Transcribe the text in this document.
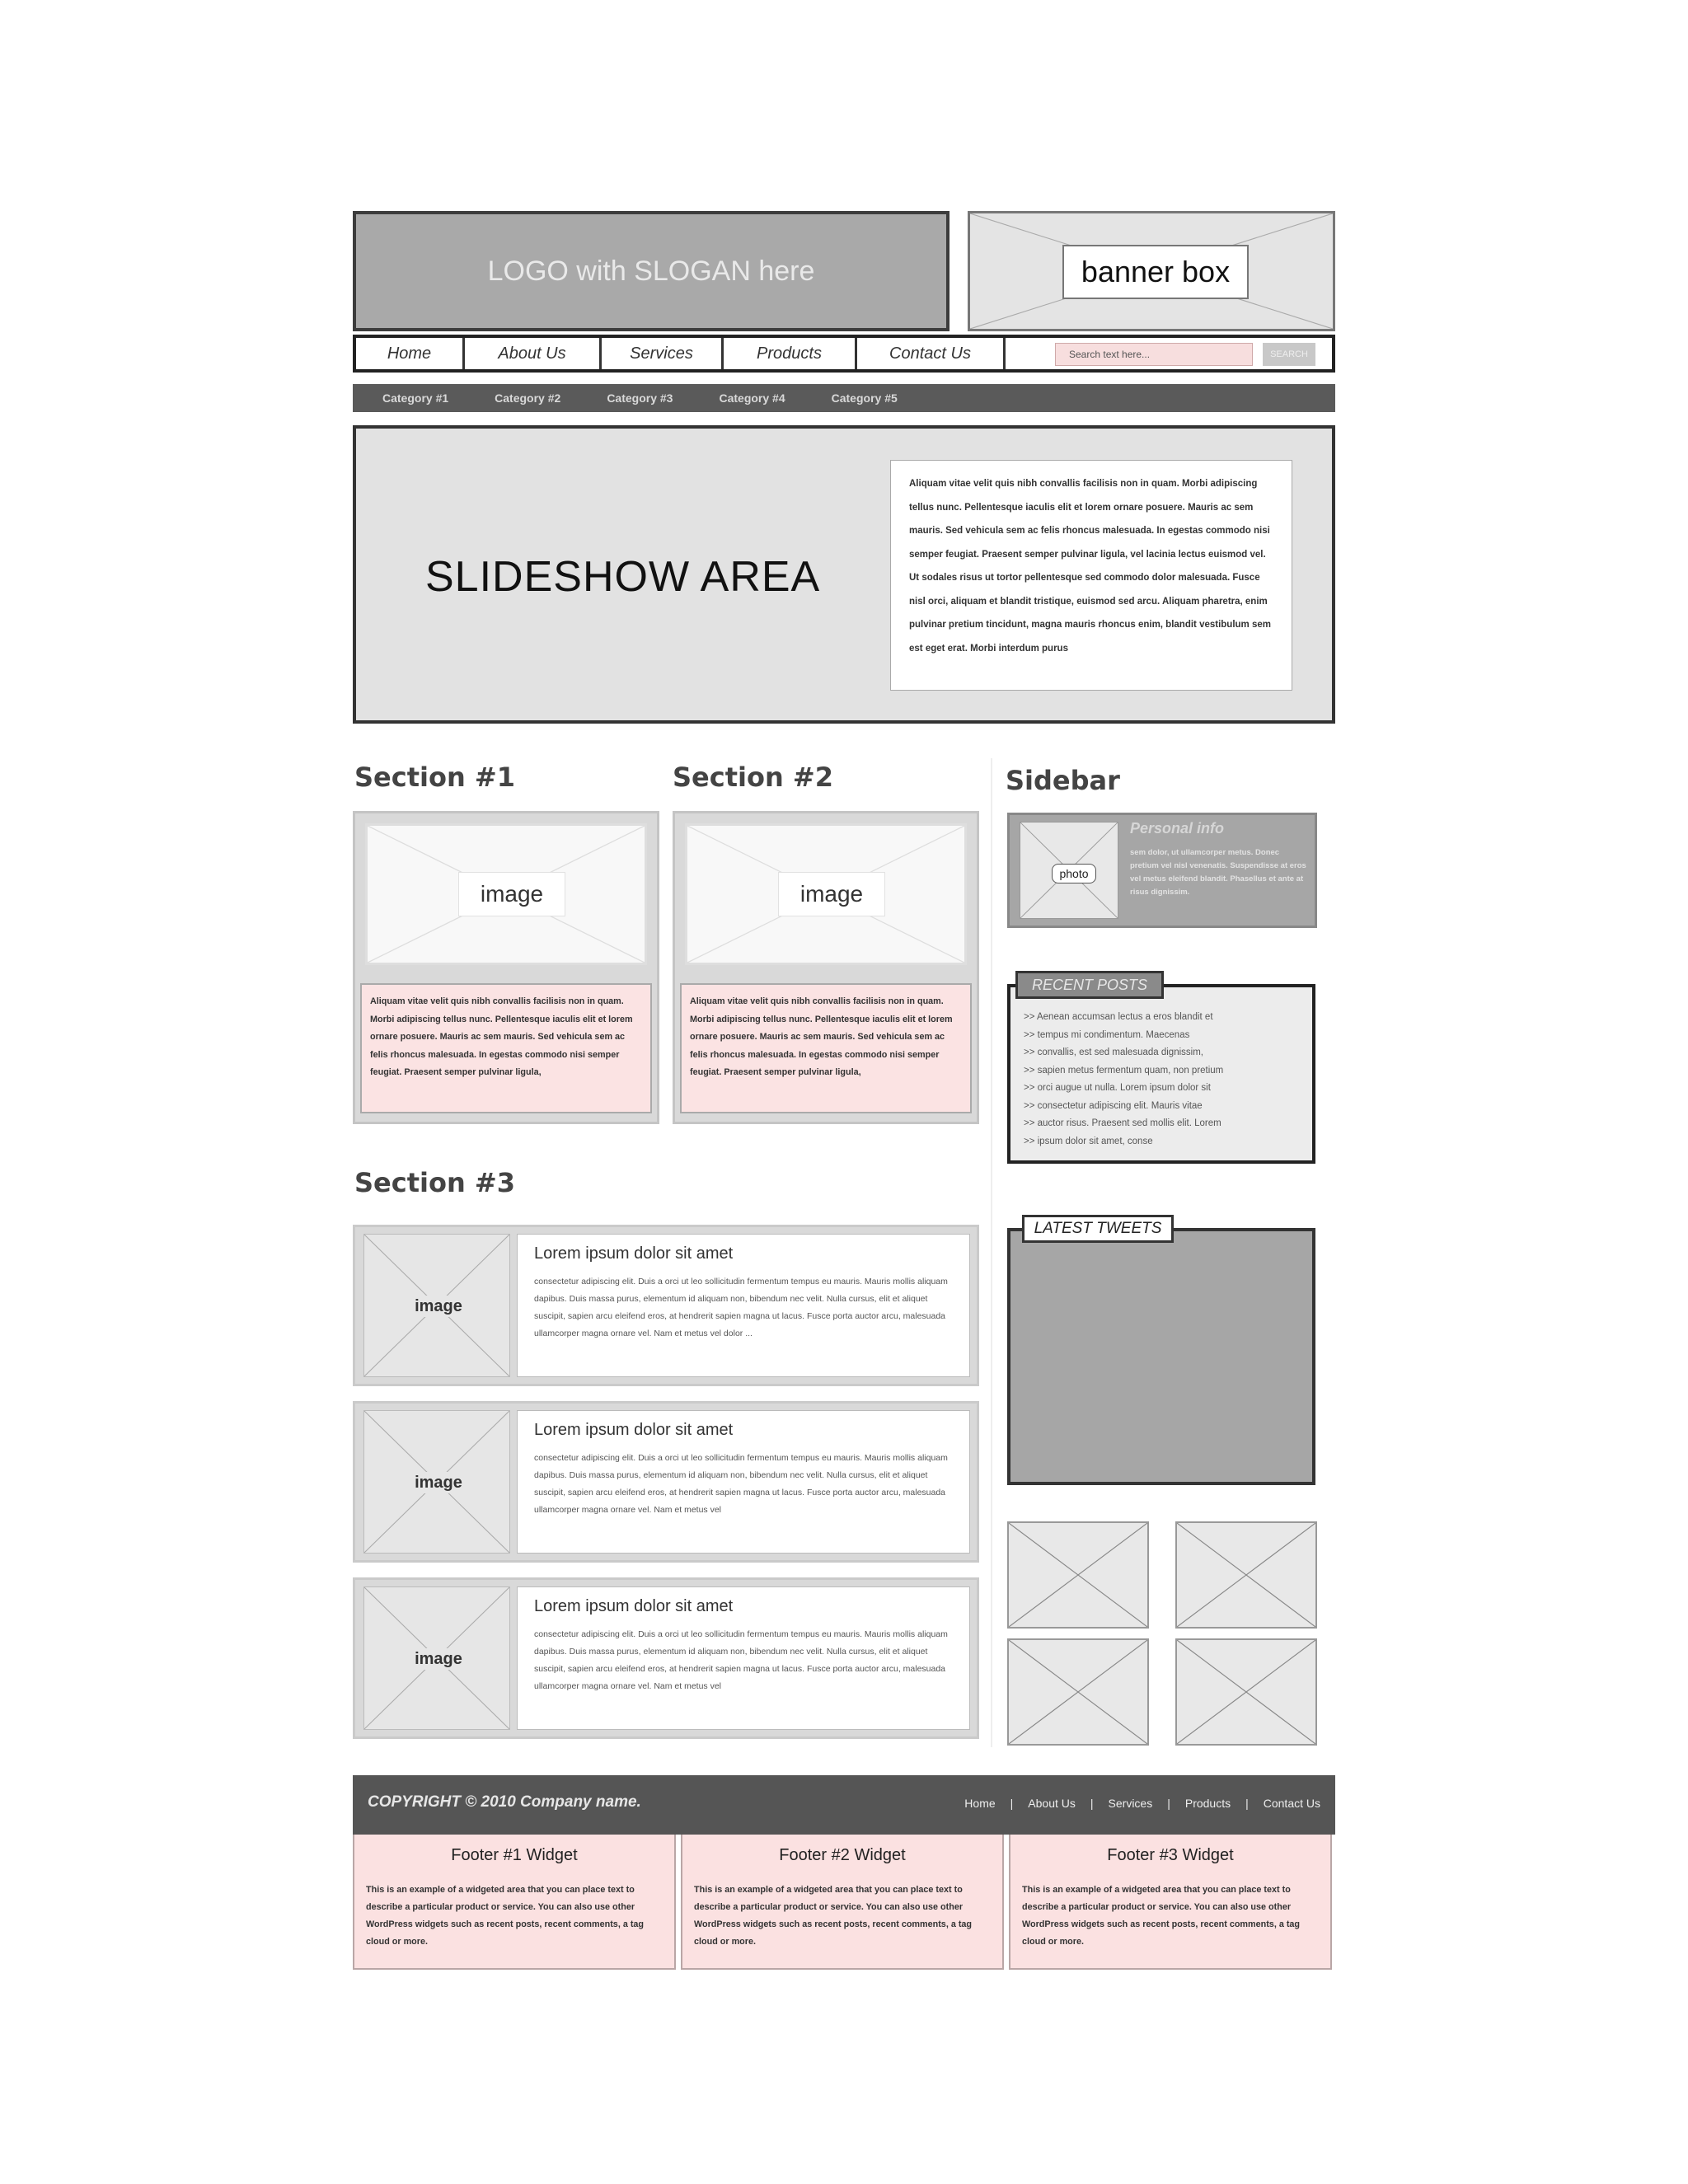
LOGO with SLOGAN here	banner box
Home	About Us	Services	Products	Contact Us	Search text here...	SEARCH
Category #1	Category #2	Category #3	Category #4	Category #5
SLIDESHOW AREA
Aliquam vitae velit quis nibh convallis facilisis non in quam. Morbi adipiscing tellus nunc. Pellentesque iaculis elit et lorem ornare posuere. Mauris ac sem mauris. Sed vehicula sem ac felis rhoncus malesuada. In egestas commodo nisi semper feugiat. Praesent semper pulvinar ligula, vel lacinia lectus euismod vel. Ut sodales risus ut tortor pellentesque sed commodo dolor malesuada. Fusce nisl orci, aliquam et blandit tristique, euismod sed arcu. Aliquam pharetra, enim pulvinar pretium tincidunt, magna mauris rhoncus enim, blandit vestibulum sem est eget erat. Morbi interdum purus
Section #1	Section #2	Sidebar
image
Aliquam vitae velit quis nibh convallis facilisis non in quam. Morbi adipiscing tellus nunc. Pellentesque iaculis elit et lorem ornare posuere. Mauris ac sem mauris. Sed vehicula sem ac felis rhoncus malesuada. In egestas commodo nisi semper feugiat. Praesent semper pulvinar ligula,
image
Aliquam vitae velit quis nibh convallis facilisis non in quam. Morbi adipiscing tellus nunc. Pellentesque iaculis elit et lorem ornare posuere. Mauris ac sem mauris. Sed vehicula sem ac felis rhoncus malesuada. In egestas commodo nisi semper feugiat. Praesent semper pulvinar ligula,
Section #3
image
Lorem ipsum dolor sit amet
consectetur adipiscing elit. Duis a orci ut leo sollicitudin fermentum tempus eu mauris. Mauris mollis aliquam dapibus. Duis massa purus, elementum id aliquam non, bibendum nec velit. Nulla cursus, elit et aliquet suscipit, sapien arcu eleifend eros, at hendrerit sapien magna ut lacus. Fusce porta auctor arcu, malesuada ullamcorper magna ornare vel. Nam et metus vel dolor ...
image
Lorem ipsum dolor sit amet
consectetur adipiscing elit. Duis a orci ut leo sollicitudin fermentum tempus eu mauris. Mauris mollis aliquam dapibus. Duis massa purus, elementum id aliquam non, bibendum nec velit. Nulla cursus, elit et aliquet suscipit, sapien arcu eleifend eros, at hendrerit sapien magna ut lacus. Fusce porta auctor arcu, malesuada ullamcorper magna ornare vel. Nam et metus vel
image
Lorem ipsum dolor sit amet
consectetur adipiscing elit. Duis a orci ut leo sollicitudin fermentum tempus eu mauris. Mauris mollis aliquam dapibus. Duis massa purus, elementum id aliquam non, bibendum nec velit. Nulla cursus, elit et aliquet suscipit, sapien arcu eleifend eros, at hendrerit sapien magna ut lacus. Fusce porta auctor arcu, malesuada ullamcorper magna ornare vel. Nam et metus vel
photo
Personal info
sem dolor, ut ullamcorper metus. Donec pretium vel nisl venenatis. Suspendisse at eros vel metus eleifend blandit. Phasellus et ante at risus dignissim.
>> Aenean accumsan lectus a eros blandit et
>> tempus mi condimentum. Maecenas
>> convallis, est sed malesuada dignissim,
>> sapien metus fermentum quam, non pretium
>> orci augue ut nulla. Lorem ipsum dolor sit
>> consectetur adipiscing elit. Mauris vitae
>> auctor risus. Praesent sed mollis elit. Lorem
>> ipsum dolor sit amet, conse
RECENT POSTS
LATEST TWEETS
COPYRIGHT © 2010 Company name.	Home | About Us | Services | Products | Contact Us
Footer #1 Widget
This is an example of a widgeted area that you can place text to describe a particular product or service. You can also use other WordPress widgets such as recent posts, recent comments, a tag cloud or more.
Footer #2 Widget
This is an example of a widgeted area that you can place text to describe a particular product or service. You can also use other WordPress widgets such as recent posts, recent comments, a tag cloud or more.
Footer #3 Widget
This is an example of a widgeted area that you can place text to describe a particular product or service. You can also use other WordPress widgets such as recent posts, recent comments, a tag cloud or more.
